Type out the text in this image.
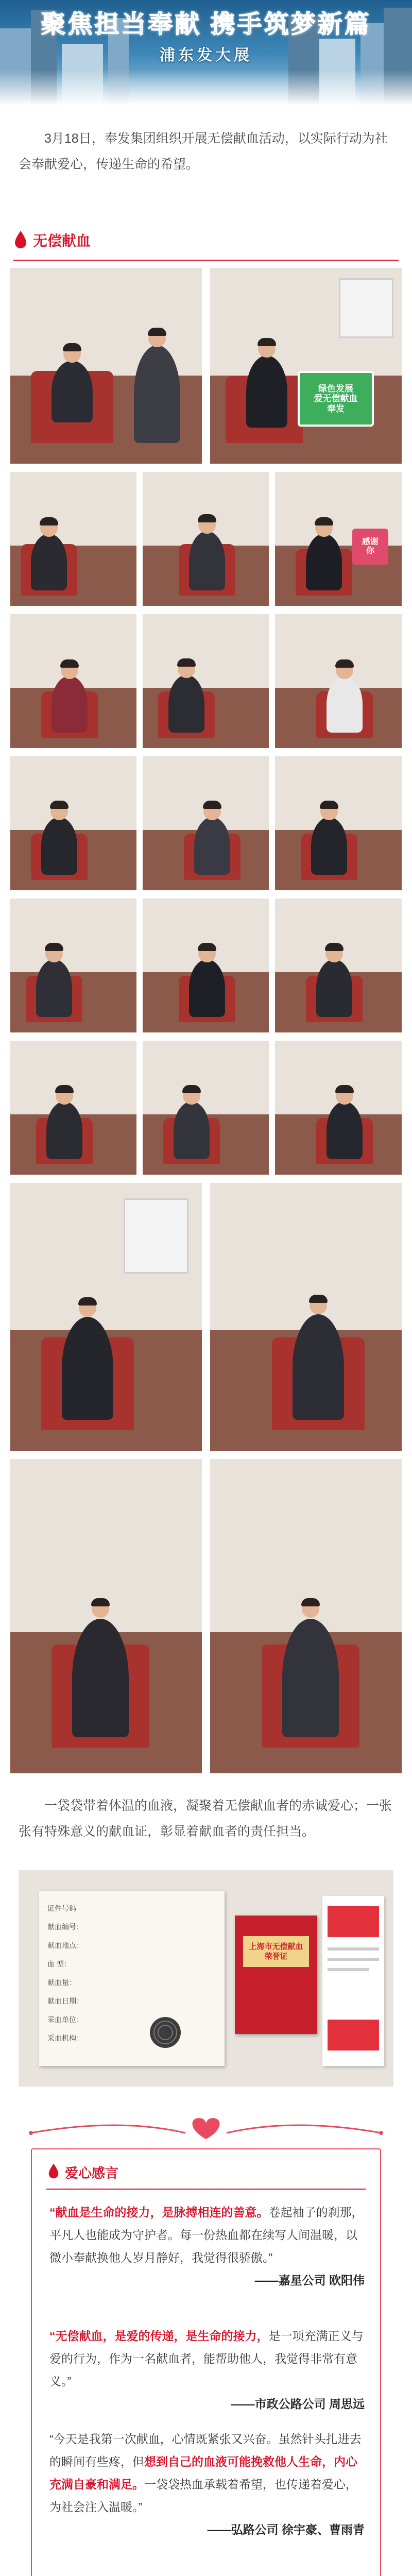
聚焦担当奉献 携手筑梦新篇
浦东发大展
3月18日，奉发集团组织开展无偿献血活动，以实际行动为社会奉献爱心，传递生命的希望。
无偿献血
绿色发展
爱无偿献血
奉发
感谢
你
一袋袋带着体温的血液，凝聚着无偿献血者的赤诚爱心；一张张有特殊意义的献血证，彰显着献血者的责任担当。
证件号码
献血编号：
献血地点：
血 型：
献血量：
献血日期：
采血单位：
采血机构：
上海市无偿献血
荣誉证
爱心感言
“献血是生命的接力，是脉搏相连的善意。卷起袖子的刹那，平凡人也能成为守护者。每一份热血都在续写人间温暖，以微小奉献换他人岁月静好，我觉得很骄傲。”
——嘉星公司 欧阳伟
“无偿献血，是爱的传递，是生命的接力，是一项充满正义与爱的行为，作为一名献血者，能帮助他人，我觉得非常有意义。”
——市政公路公司 周思远
“今天是我第一次献血，心情既紧张又兴奋。虽然针头扎进去的瞬间有些疼，但想到自己的血液可能挽救他人生命，内心充满自豪和满足。一袋袋热血承载着希望，也传递着爱心，为社会注入温暖。”
——弘路公司 徐宇豪、曹雨青
